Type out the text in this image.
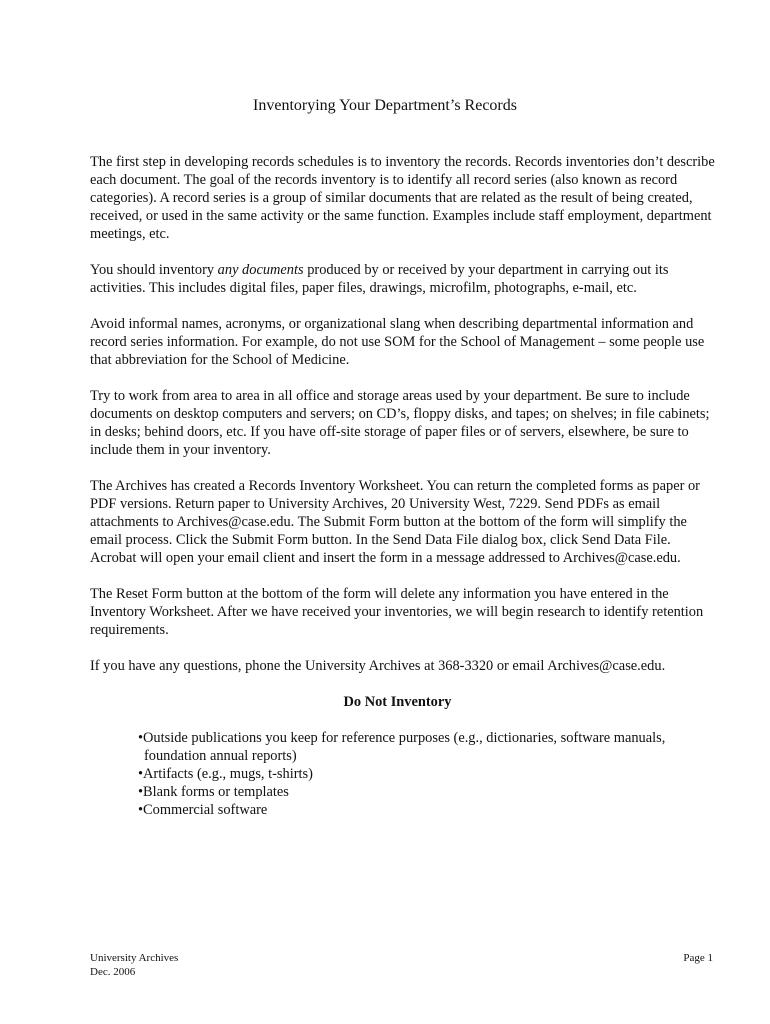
Inventorying Your Department’s Records

The first step in developing records schedules is to inventory the records. Records inventories don’t describe each document. The goal of the records inventory is to identify all record series (also known as record categories). A record series is a group of similar documents that are related as the result of being created, received, or used in the same activity or the same function. Examples include staff employment, department meetings, etc.

You should inventory any documents produced by or received by your department in carrying out its activities. This includes digital files, paper files, drawings, microfilm, photographs, e-mail, etc.

Avoid informal names, acronyms, or organizational slang when describing departmental information and record series information. For example, do not use SOM for the School of Management – some people use that abbreviation for the School of Medicine.

Try to work from area to area in all office and storage areas used by your department. Be sure to include documents on desktop computers and servers; on CD’s, floppy disks, and tapes; on shelves; in file cabinets; in desks; behind doors, etc. If you have off-site storage of paper files or of servers, elsewhere, be sure to include them in your inventory.

The Archives has created a Records Inventory Worksheet. You can return the completed forms as paper or PDF versions. Return paper to University Archives, 20 University West, 7229. Send PDFs as email attachments to Archives@case.edu. The Submit Form button at the bottom of the form will simplify the email process. Click the Submit Form button. In the Send Data File dialog box, click Send Data File. Acrobat will open your email client and insert the form in a message addressed to Archives@case.edu.

The Reset Form button at the bottom of the form will delete any information you have entered in the Inventory Worksheet. After we have received your inventories, we will begin research to identify retention requirements.

If you have any questions, phone the University Archives at 368-3320 or email Archives@case.edu.

Do Not Inventory
•Outside publications you keep for reference purposes (e.g., dictionaries, software manuals, foundation annual reports)
•Artifacts (e.g., mugs, t-shirts)
•Blank forms or templates
•Commercial software
University Archives
Dec. 2006
Page 1
